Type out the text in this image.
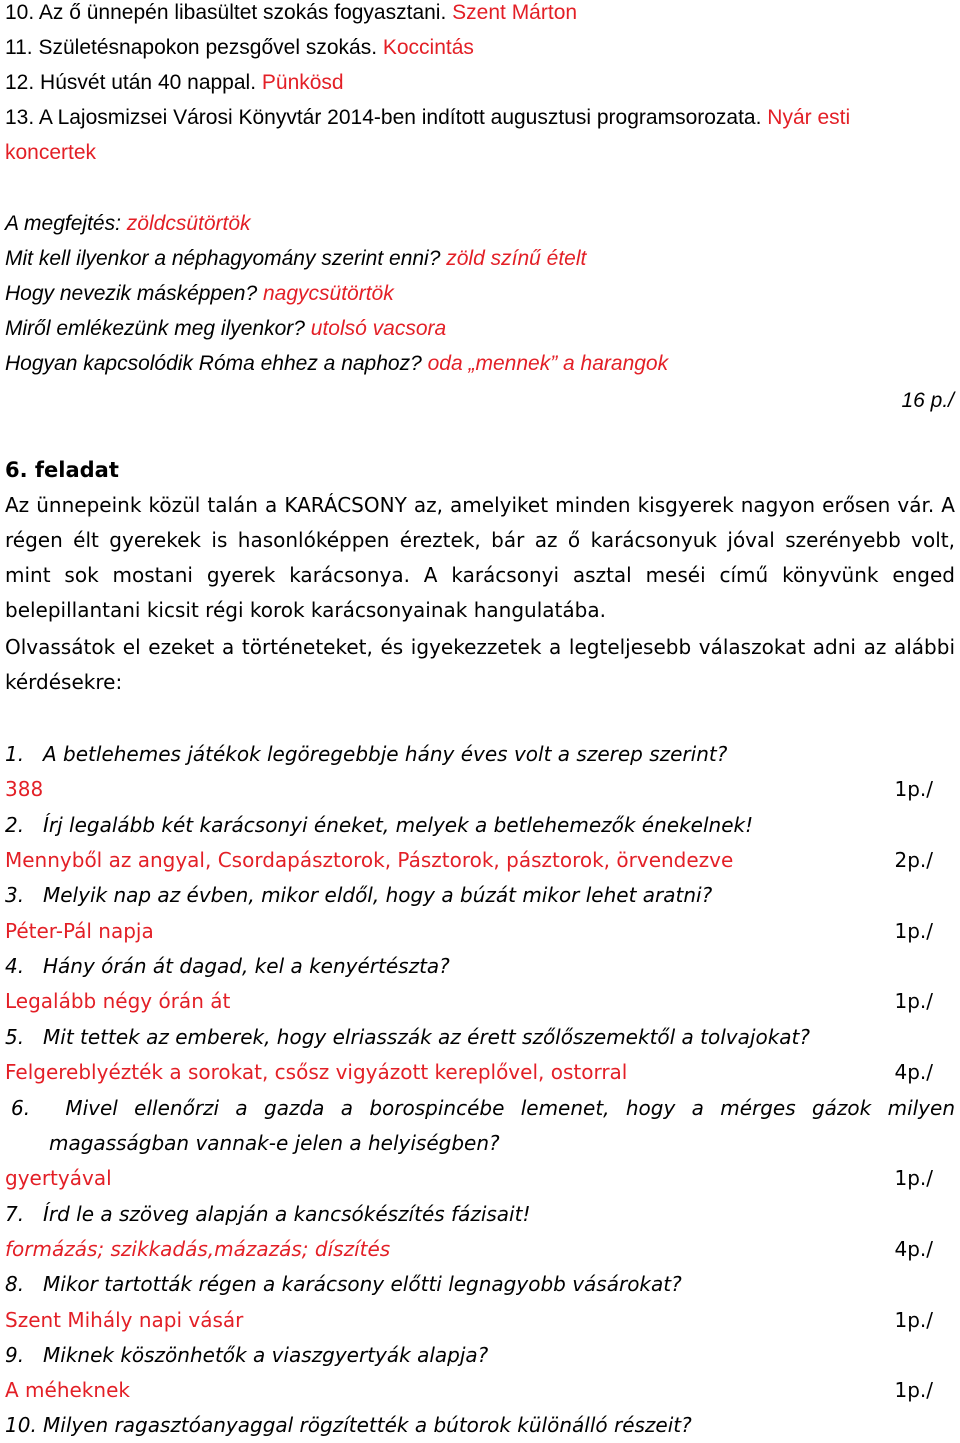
10. Az ő ünnepén libasültet szokás fogyasztani. Szent Márton
11. Születésnapokon pezsgővel szokás. Koccintás
12. Húsvét után 40 nappal. Pünkösd
13. A Lajosmizsei Városi Könyvtár 2014-ben indított augusztusi programsorozata. Nyár esti
koncertek
A megfejtés: zöldcsütörtök
Mit kell ilyenkor a néphagyomány szerint enni? zöld színű ételt
Hogy nevezik másképpen? nagycsütörtök
Miről emlékezünk meg ilyenkor? utolsó vacsora
Hogyan kapcsolódik Róma ehhez a naphoz? oda „mennek” a harangok
16 p./
6. feladat
Az ünnepeink közül talán a KARÁCSONY az, amelyiket minden kisgyerek nagyon erősen vár. A régen élt gyerekek is hasonlóképpen éreztek, bár az ő karácsonyuk jóval szerényebb volt, mint sok mostani gyerek karácsonya. A karácsonyi asztal meséi című könyvünk enged belepillantani kicsit régi korok karácsonyainak hangulatába.
Olvassátok el ezeket a történeteket, és igyekezzetek a legteljesebb válaszokat adni az alábbi kérdésekre:
1. A betlehemes játékok legöregebbje hány éves volt a szerep szerint?
388	1p./
2. Írj legalább két karácsonyi éneket, melyek a betlehemezők énekelnek!
Mennyből az angyal, Csordapásztorok, Pásztorok, pásztorok, örvendezve	2p./
3. Melyik nap az évben, mikor eldől, hogy a búzát mikor lehet aratni?
Péter-Pál napja	1p./
4. Hány órán át dagad, kel a kenyértészta?
Legalább négy órán át	1p./
5. Mit tettek az emberek, hogy elriasszák az érett szőlőszemektől a tolvajokat?
Felgereblyézték a sorokat, csősz vigyázott kereplővel, ostorral	4p./
6. Mivel ellenőrzi a gazda a borospincébe lemenet, hogy a mérges gázok milyen
magasságban vannak-e jelen a helyiségben?
gyertyával	1p./
7. Írd le a szöveg alapján a kancsókészítés fázisait!
formázás; szikkadás,mázazás; díszítés	4p./
8. Mikor tartották régen a karácsony előtti legnagyobb vásárokat?
Szent Mihály napi vásár	1p./
9. Miknek köszönhetők a viaszgyertyák alapja?
A méheknek	1p./
10. Milyen ragasztóanyaggal rögzítették a bútorok különálló részeit?
